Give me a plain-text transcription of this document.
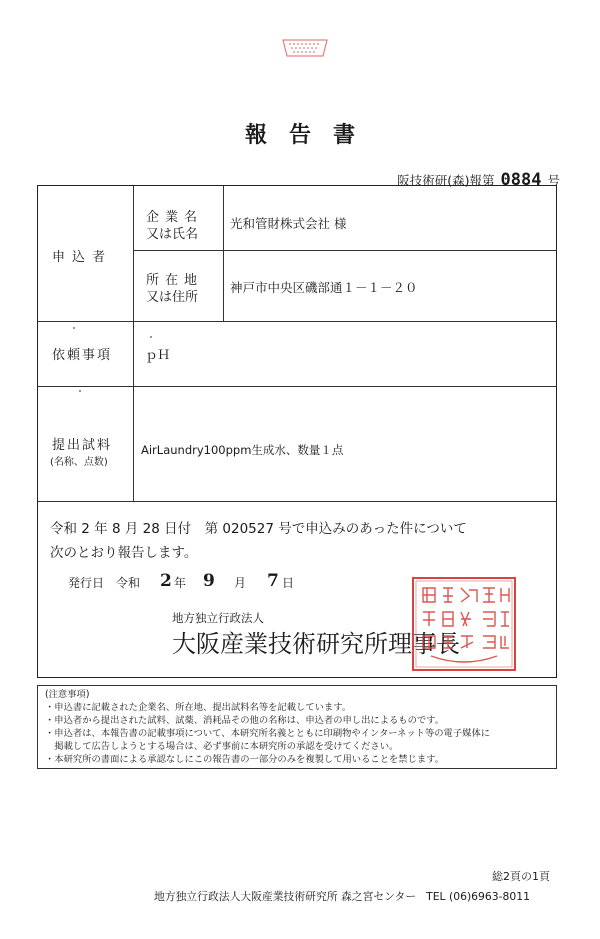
報告書
阪技術研(森)報第 0884 号
申込者
企業名
又は氏名
光和管財株式会社 様
所在地
又は住所
神戸市中央区磯部通１－１－２０
依頼事項	ｐＨ
提出試料
(名称、点数)
AirLaundry100ppm生成水、数量１点
令和 2 年 8 月 28 日付　第 020527 号で申込みのあった件について
次のとおり報告します。
発行日 令和 2 年 9 月 7 日
地方独立行政法人
大阪産業技術研究所理事長
(注意事項)
・申込書に記載された企業名、所在地、提出試料名等を記載しています。
・申込者から提出された試料、試薬、消耗品その他の名称は、申込者の申し出によるものです。
・申込者は、本報告書の記載事項について、本研究所名義とともに印刷物やインターネット等の電子媒体に
　掲載して広告しようとする場合は、必ず事前に本研究所の承認を受けてください。
・本研究所の書面による承認なしにこの報告書の一部分のみを複製して用いることを禁じます。
総2頁の1頁
地方独立行政法人大阪産業技術研究所 森之宮センター TEL (06)6963-8011
